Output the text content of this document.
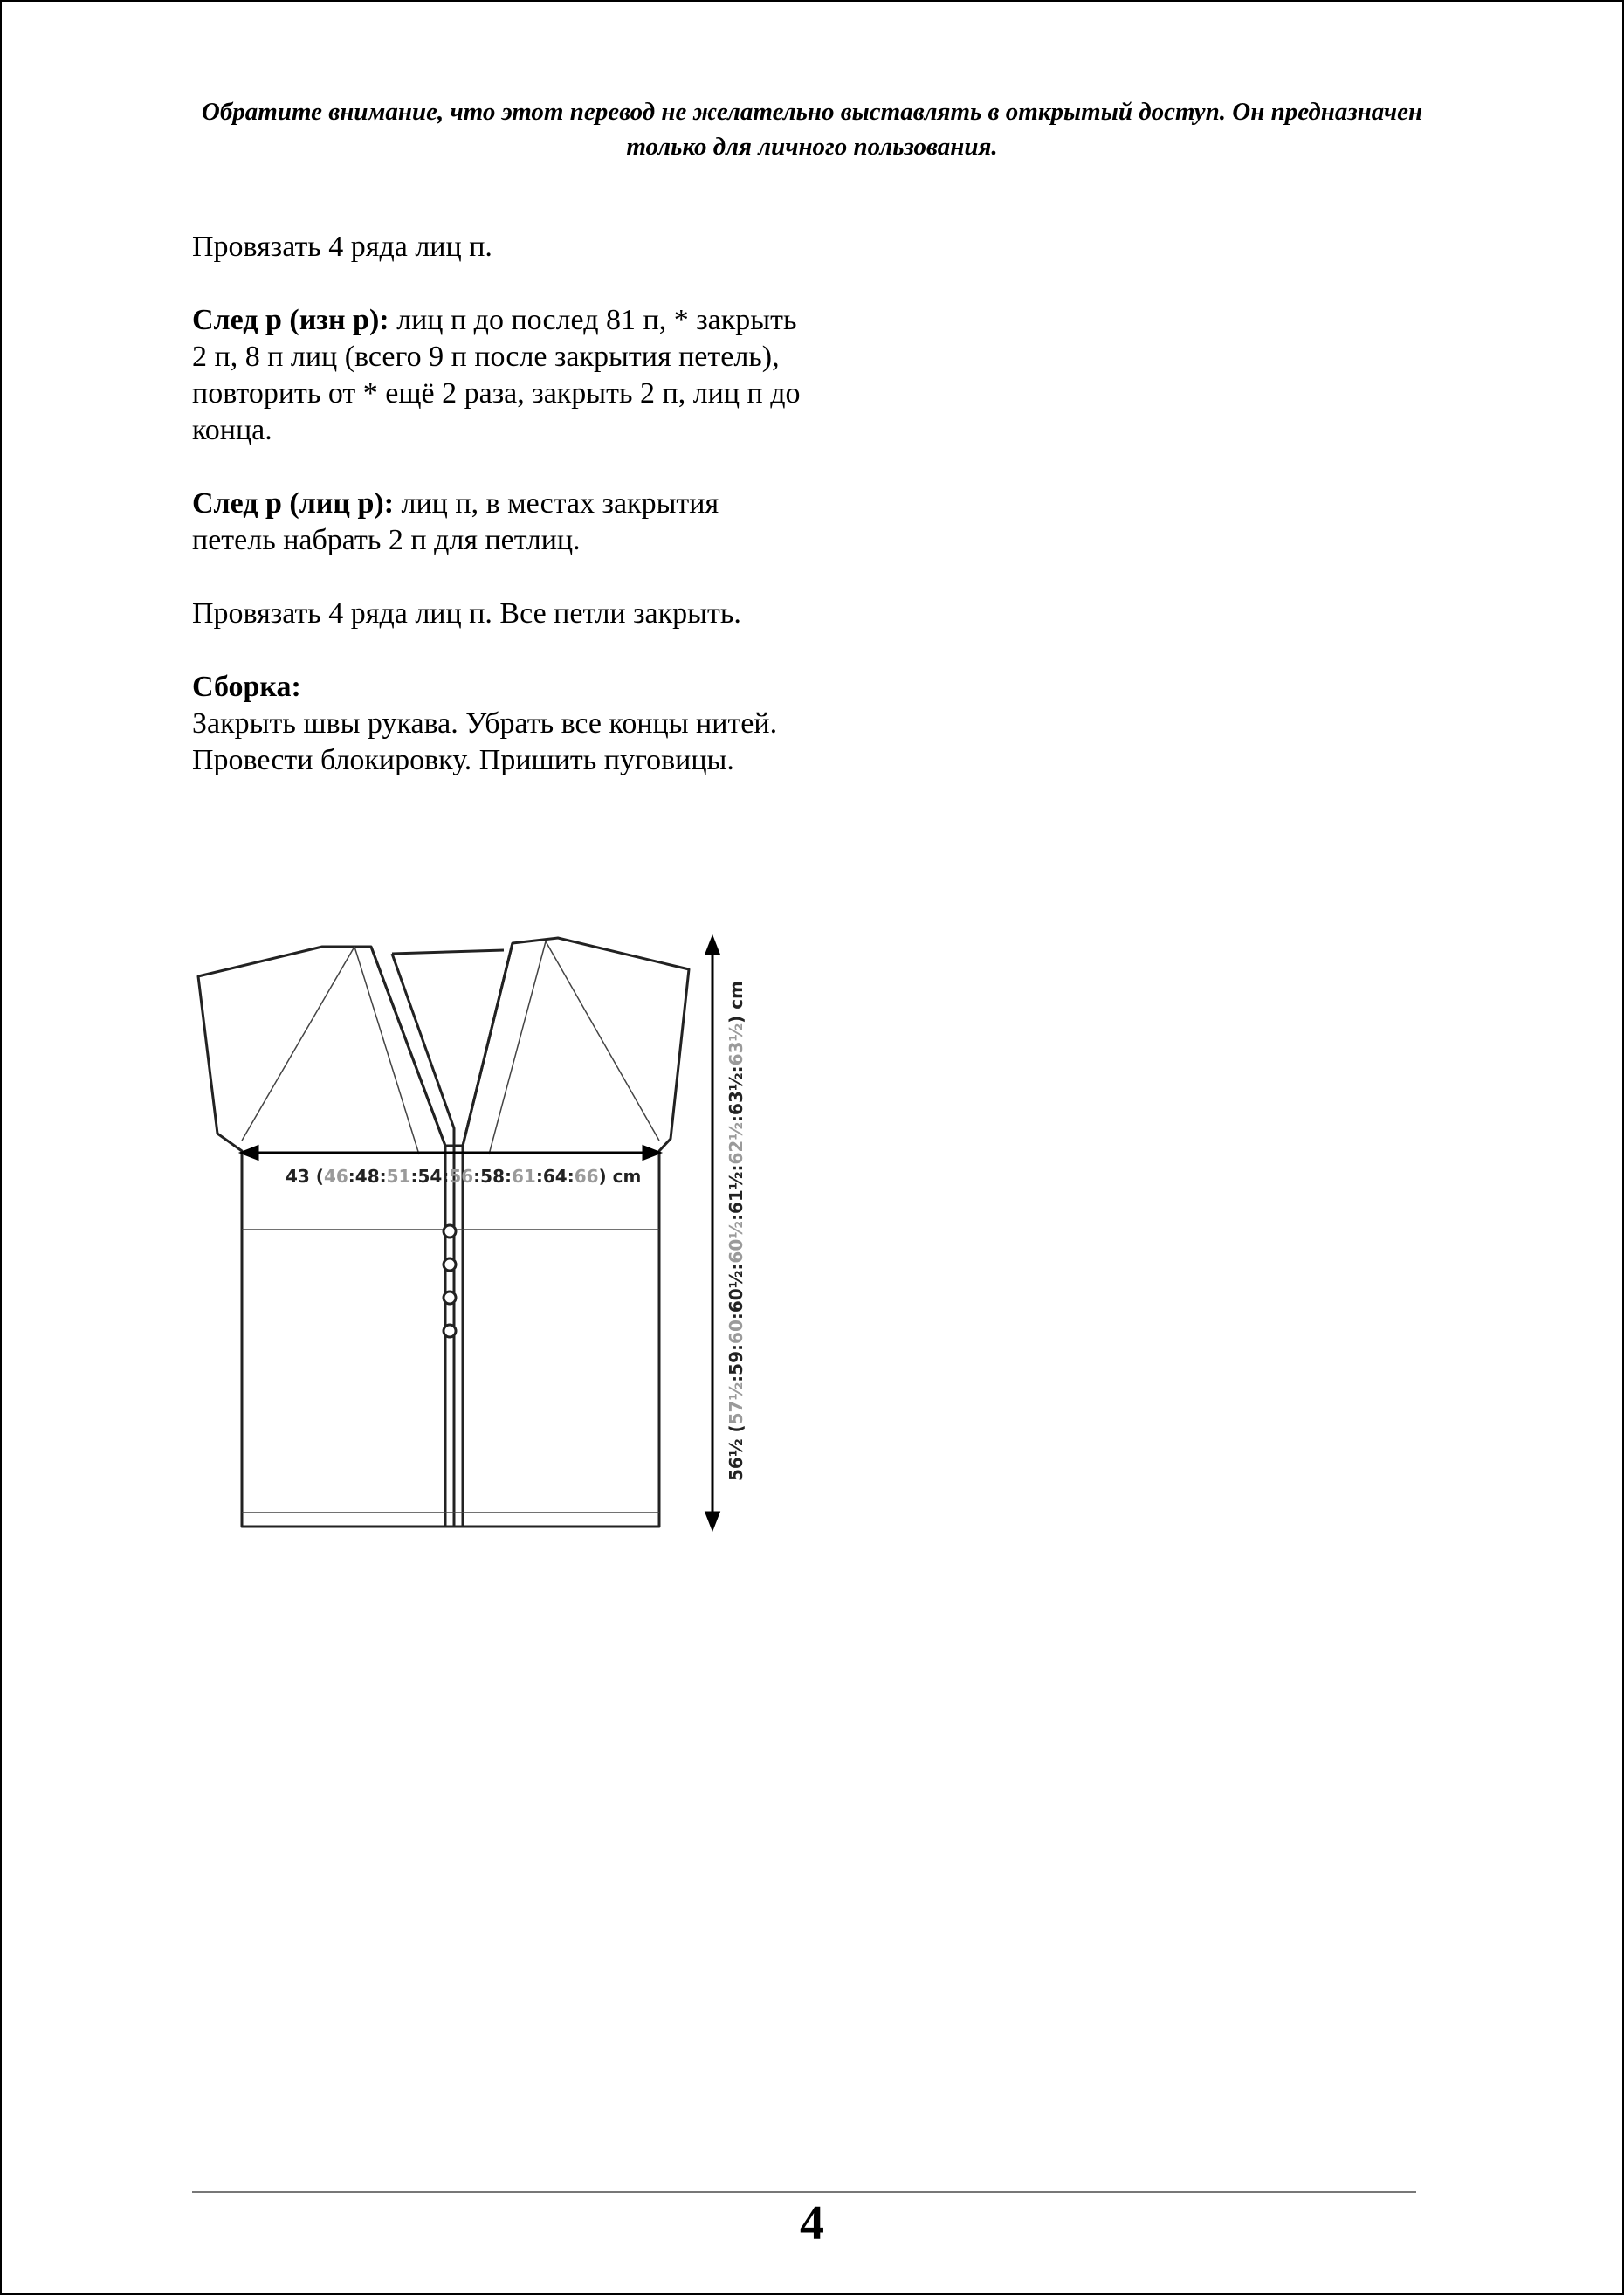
Обратите внимание, что этот перевод не желательно выставлять в открытый доступ. Он предназначен только для личного пользования.

Провязать 4 ряда лиц п.

След р (изн р): лиц п до послед 81 п, * закрыть 2 п, 8 п лиц (всего 9 п после закрытия петель), повторить от * ещё 2 раза, закрыть 2 п, лиц п до конца.

След р (лиц р): лиц п, в местах закрытия петель набрать 2 п для петлиц.

Провязать 4 ряда лиц п. Все петли закрыть.

Сборка:

Закрыть швы рукава. Убрать все концы нитей. Провести блокировку. Пришить пуговицы.

43 (46:48:51:54:56:58:61:64:66) cm
56½ (57½:59:60:60½:60½:61½:62½:63½:63½) cm
4
